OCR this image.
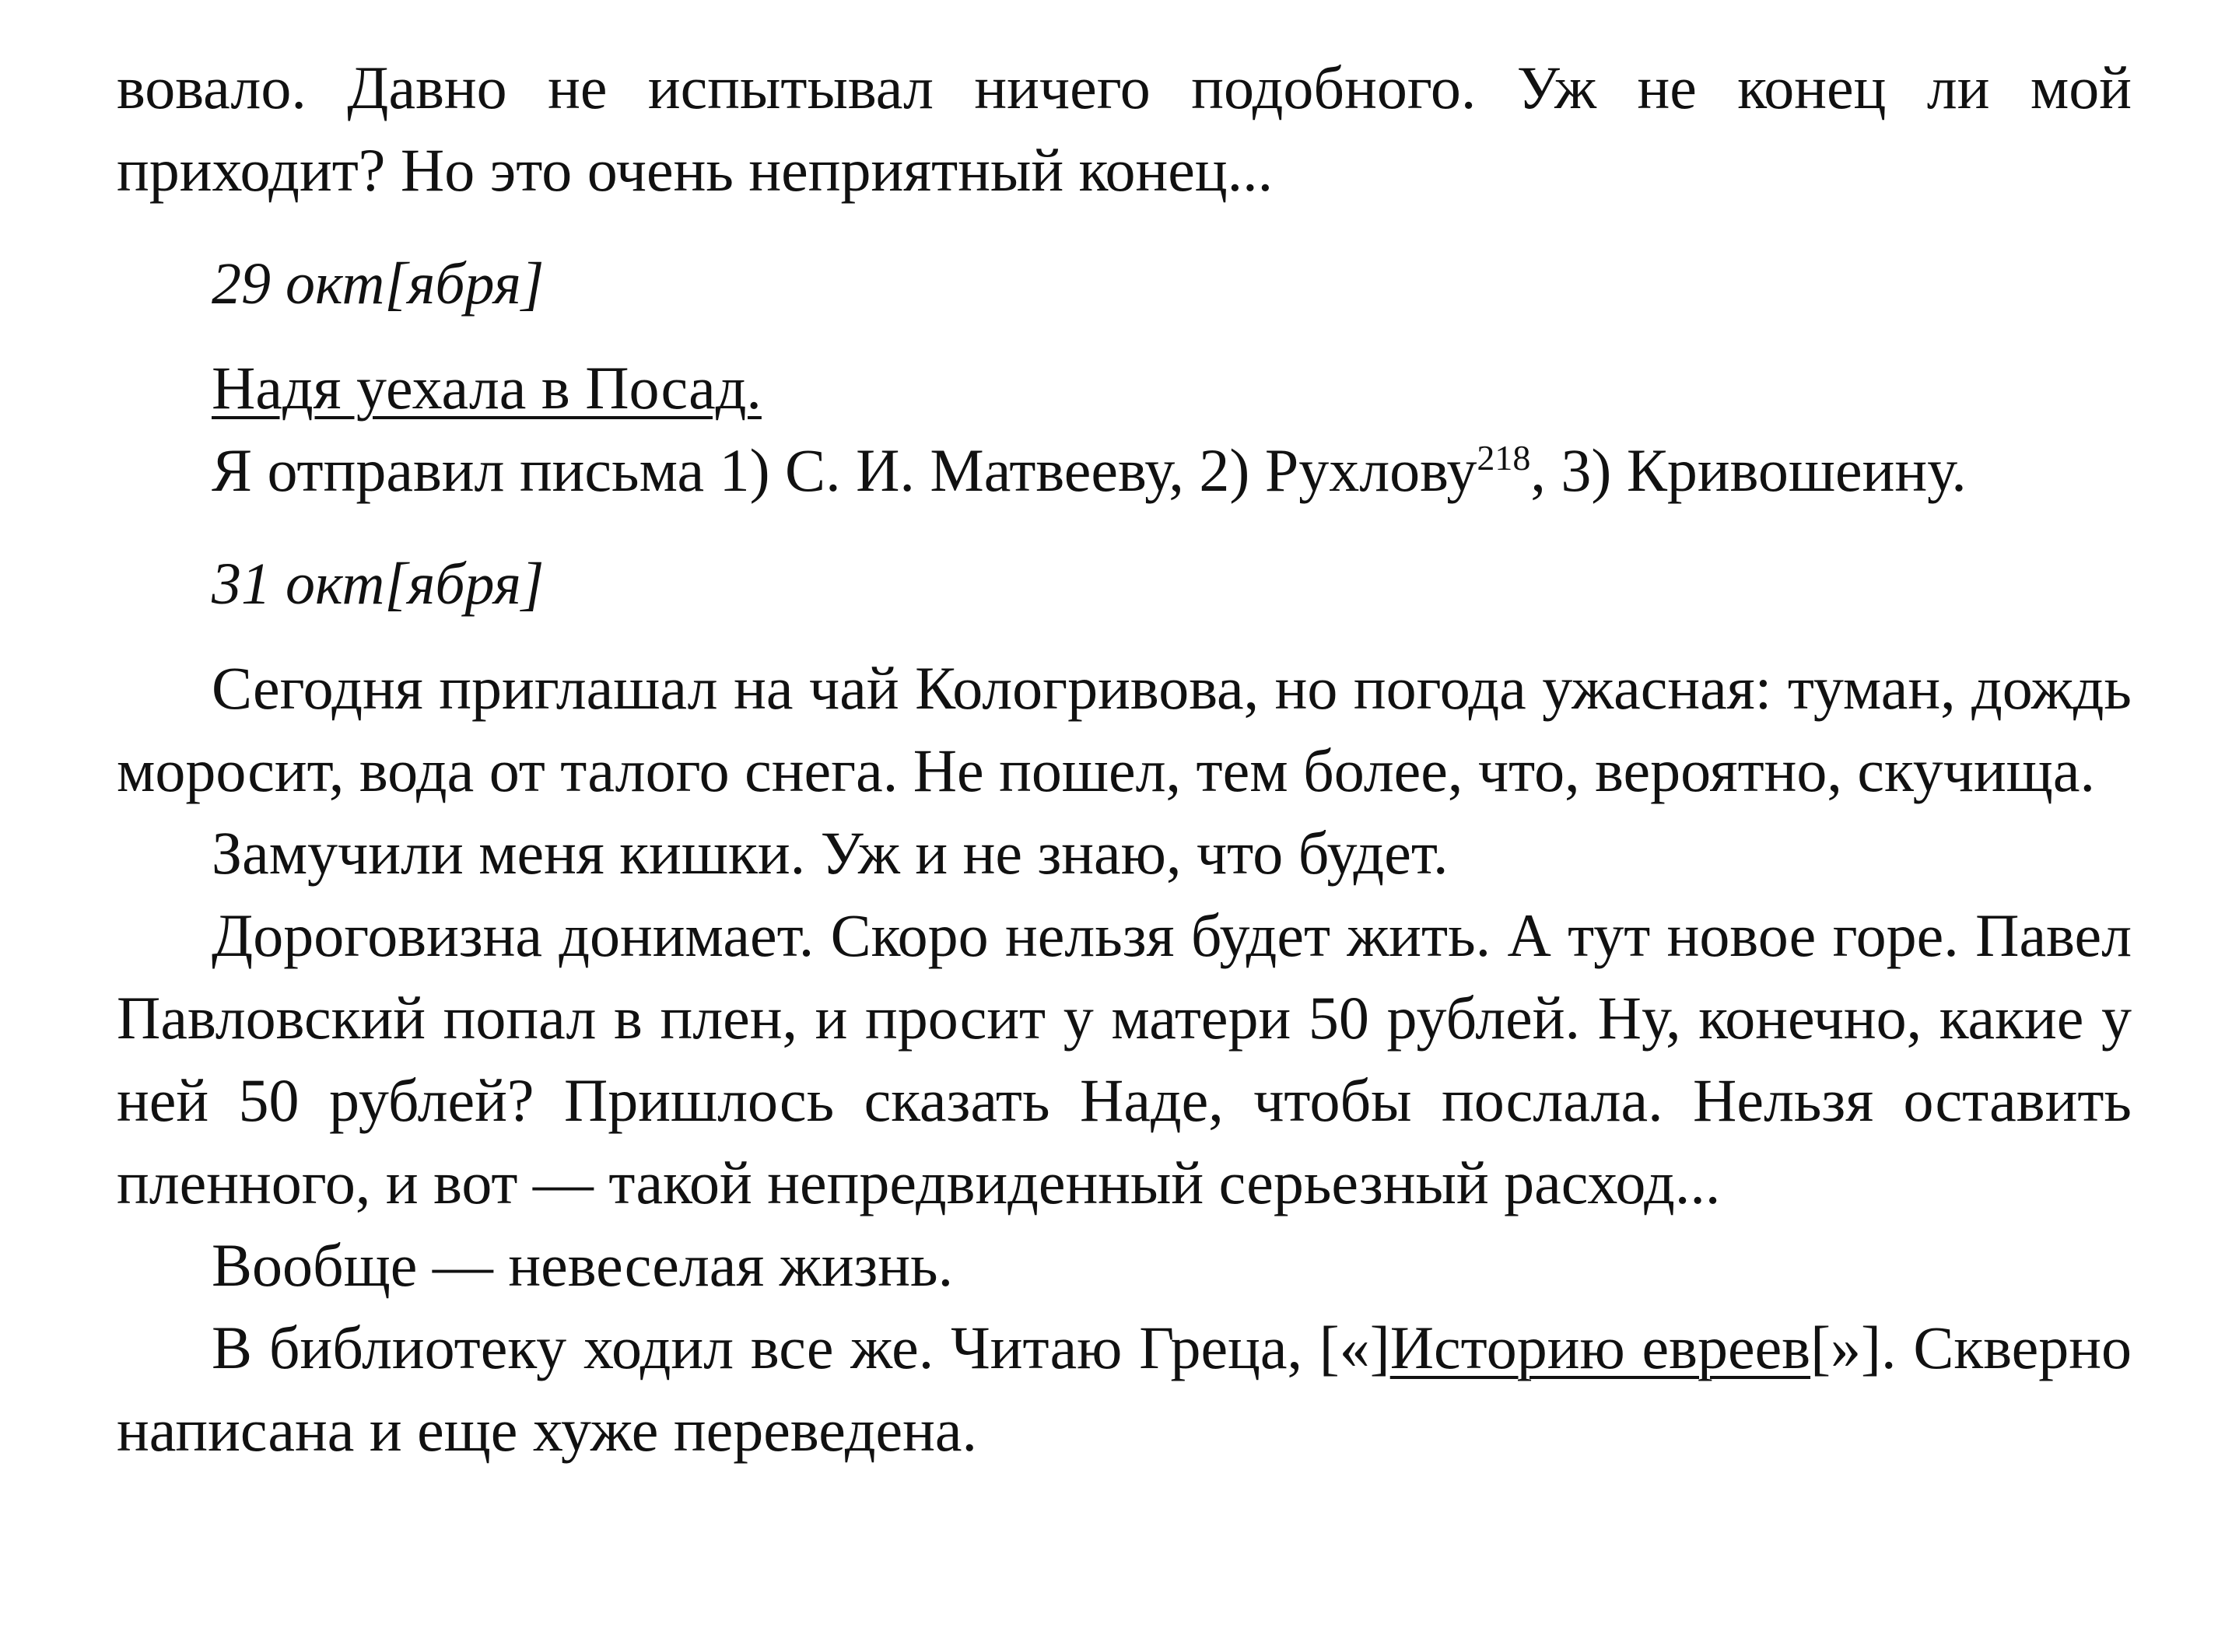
вовало. Давно не испытывал ничего подобного. Уж не конец ли мой приходит? Но это очень неприятный конец...

29 окт[ября]

Надя уехала в Посад.

Я отправил письма 1) С. И. Матвееву, 2) Рухлову$^{218}$, 3) Кривошеину.

31 окт[ября]

Сегодня приглашал на чай Кологривова, но погода ужасная: туман, дождь моросит, вода от талого снега. Не пошел, тем более, что, вероятно, скучища.

Замучили меня кишки. Уж и не знаю, что будет.

Дороговизна донимает. Скоро нельзя будет жить. А тут новое горе. Павел Павловский попал в плен, и просит у матери 50 рублей. Ну, конечно, какие у ней 50 рублей? Пришлось сказать Наде, чтобы послала. Нельзя оставить пленного, и вот — такой непредвиденный серьезный расход...

Вообще — невеселая жизнь.

В библиотеку ходил все же. Читаю Греца, [«]Историю евреев[»]. Скверно написана и еще хуже переведена.
